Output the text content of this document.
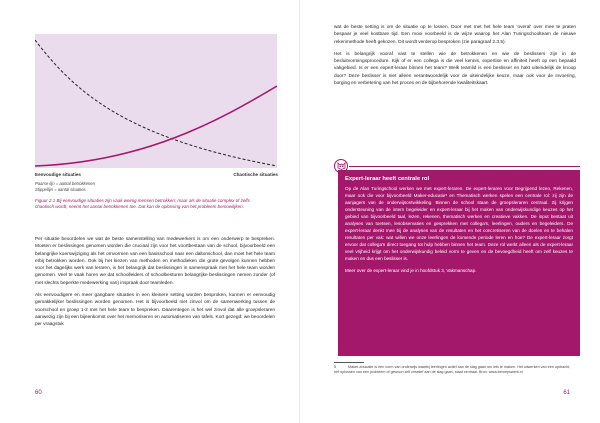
Eenvoudige situaties	Chaotische situaties
Paarse lijn = aantal betrokkenen
Stippellijn = aantal situaties
Figuur 2.1 Bij eenvoudige situaties zijn vaak weinig mensen betrokken; maar als de situatie complex of zelfs chaotisch wordt, neemt het aantal betrokkenen toe. Dat kan de oplossing van het probleem bemoeilijken.

Per situatie beoordelen we wat de beste samenstelling van medewerkers is om een onderwerp te bespreken. Moeten er beslissingen genomen worden die cruciaal zijn voor het voortbestaan van de school, bijvoorbeeld een belangrijke koerswijziging als het omvormen van een basisschool naar een daltonschool, dan moet het hele team erbij betrokken worden. Ook bij het kiezen van methoden en methodieken die grote gevolgen kunnen hebben voor het dagelijks werk van leraren, is het belangrijk dat beslissingen in samenspraak met het hele team worden genomen. Veel te vaak horen we dat schoolleiders of schoolbesturen belangrijke beslissingen nemen zonder (of met slechts beperkte medewerking van) inspraak door teamleden.

Als eenvoudigere en meer gangbare situaties in een kleinere setting worden besproken, kunnen er eenvoudig gemakkelijker beslissingen worden genomen. Het is bijvoorbeeld niet zinvol om de samenwerking tussen de voorschool en groep 1-2 met het hele team te bespreken. Daarentegen is het wel zinvol dat alle groepsleraren aanwezig zijn bij een bijeenkomst over het memoriseren en automatiseren van tafels. Kort gezegd: we beoordelen per vraagstuk

60

wat de beste setting is om de situatie op te lossen. Door met met het hele team 'overal' over mee te praten bespaar je veel kostbare tijd. Een mooi voorbeeld is de wijze waarop het Alan Turingschoolteam de nieuwe rekenmethode heeft gekozen. Dit wordt verderop besproken (zie paragraaf 2.3.5).

Het is belangrijk vooraf vast te stellen wie de betrokkenen en wie de beslissers zijn in de besluitvormingsprocedure. Kijk of er een collega is die veel kennis, expertise en affiniteit heeft op een bepaald vakgebied. Is er een expert-leraar binnen het team? Welk teamlid is een beslisser en hakt uiteindelijk de knoop door? Deze beslisser is niet alleen verantwoordelijk voor de uiteindelijke keuze, maar ook voor de invoering, borging en verbetering van het proces en de bijbehorende kwaliteitskaart.

Expert-leraar heeft centrale rol

Op de Alan Turingschool werken we met expert-leraren. De expert-leraren voor Begrijpend lezen, Rekenen, maar ook die voor bijvoorbeeld Maker-educatie⁵ en Thematisch werken spelen een centrale rol: zij zijn de aanjagers van de onderwijsontwikkeling. Binnen de school staan de groepsleraren centraal. Zij krijgen ondersteuning van de intern begeleider en expert-leraar bij het maken van onderwijskundige keuzes op het gebied van bijvoorbeeld taal, lezen, rekenen, thematisch werken en creatieve vakken. De input bestaat uit analyses van toetsen, lesobservaties en gesprekken met collega's, leerlingen, ouders en begeleiders. De expert-leraar denkt mee bij de analyses van de resultaten en het concretiseren van de doelen en te behalen resultaten per vak: wat willen we onze leerlingen de komende periode leren en hoe? De expert-leraar zorgt ervoor dat collega's direct toegang tot hulp hebben binnen het team. Deze rol werkt alleen als de expert-leraar veel vrijheid krijgt om het onderwijskundig beleid vorm te geven en de bevoegdheid heeft om zelf keuzes te maken en dus een beslisser is.

Meer over de expert-leraar vind je in hoofdstuk 3, Vakmanschap.

5	Maker-educatie is een vorm van onderwijs waarbij leerlingen actief aan de slag gaan om iets te maken. Het uitwerken van een opdracht, het oplossen van een probleem of gewoon zelf creatief aan de slag gaan, staat centraal. Bron: www.beroepswerk.nl
61
